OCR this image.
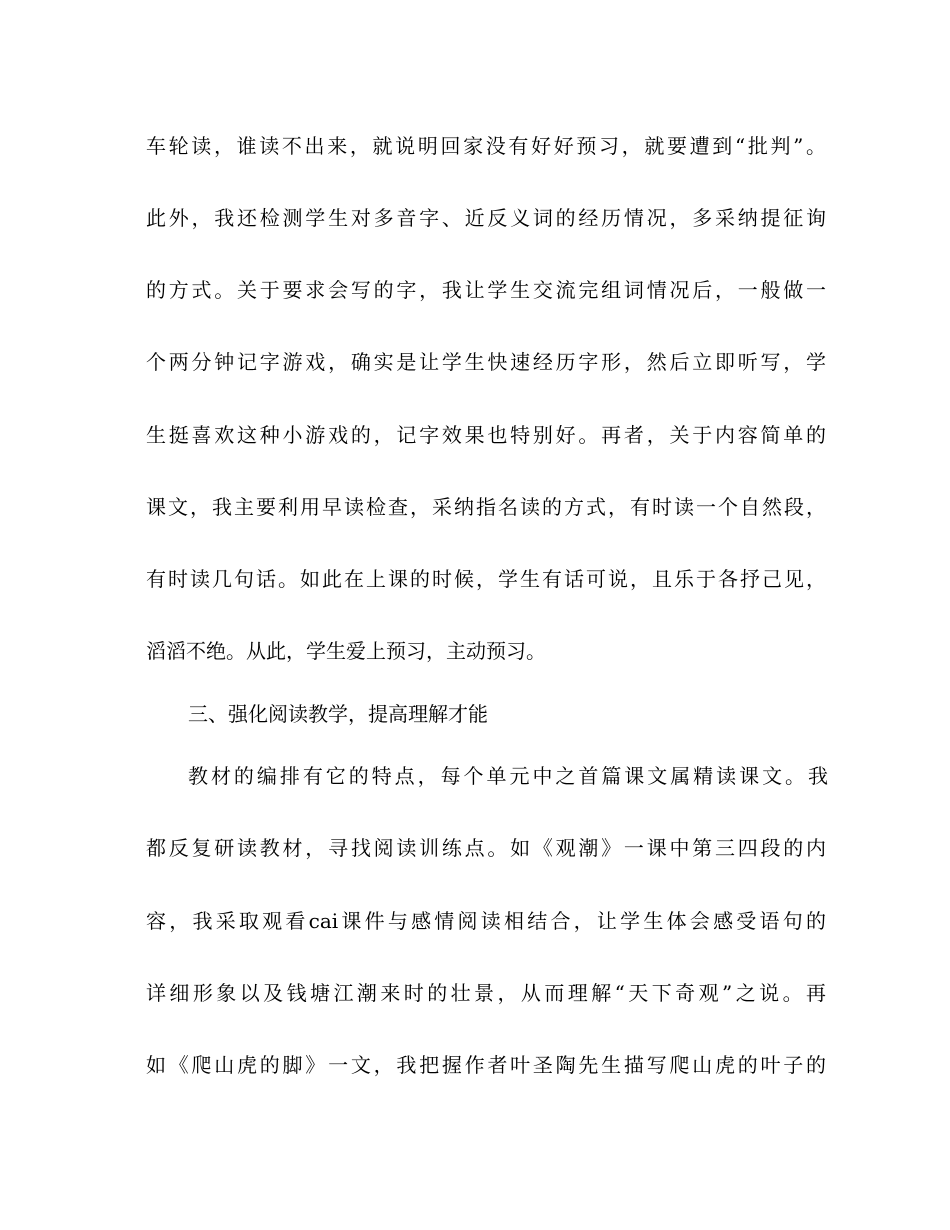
车轮读，谁读不出来，就说明回家没有好好预习，就要遭到“批判”。
此外，我还检测学生对多音字、近反义词的经历情况，多采纳提征询
的方式。关于要求会写的字，我让学生交流完组词情况后，一般做一
个两分钟记字游戏，确实是让学生快速经历字形，然后立即听写，学
生挺喜欢这种小游戏的，记字效果也特别好。再者，关于内容简单的
课文，我主要利用早读检查，采纳指名读的方式，有时读一个自然段，
有时读几句话。如此在上课的时候，学生有话可说，且乐于各抒己见，
滔滔不绝。从此，学生爱上预习，主动预习。
三、强化阅读教学，提高理解才能
教材的编排有它的特点，每个单元中之首篇课文属精读课文。我
都反复研读教材，寻找阅读训练点。如《观潮》一课中第三四段的内
容，我采取观看cai课件与感情阅读相结合，让学生体会感受语句的
详细形象以及钱塘江潮来时的壮景，从而理解“天下奇观”之说。再
如《爬山虎的脚》一文，我把握作者叶圣陶先生描写爬山虎的叶子的
